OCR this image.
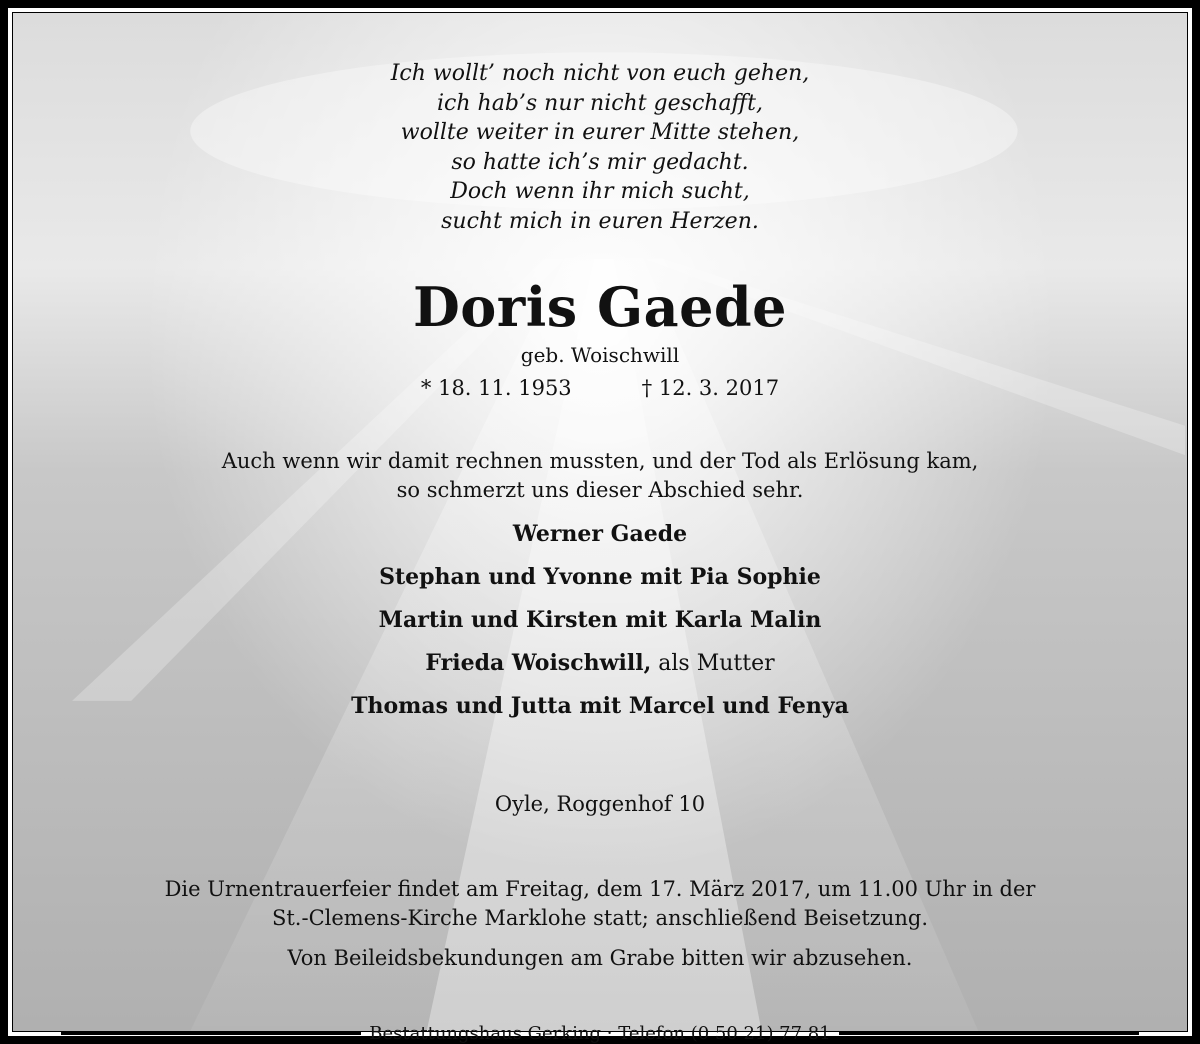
Ich wollt’ noch nicht von euch gehen,
ich hab’s nur nicht geschafft,
wollte weiter in eurer Mitte stehen,
so hatte ich’s mir gedacht.
Doch wenn ihr mich sucht,
sucht mich in euren Herzen.
Doris Gaede
geb. Woischwill
* 18. 11. 1953	† 12. 3. 2017
Auch wenn wir damit rechnen mussten, und der Tod als Erlösung kam,
so schmerzt uns dieser Abschied sehr.
Werner Gaede
Stephan und Yvonne mit Pia Sophie
Martin und Kirsten mit Karla Malin
Frieda Woischwill, als Mutter
Thomas und Jutta mit Marcel und Fenya
Oyle, Roggenhof 10
Die Urnentrauerfeier findet am Freitag, dem 17. März 2017, um 11.00 Uhr in der
St.-Clemens-Kirche Marklohe statt; anschließend Beisetzung.
Von Beileidsbekundungen am Grabe bitten wir abzusehen.
Bestattungshaus Gerking · Telefon (0 50 21) 77 81
